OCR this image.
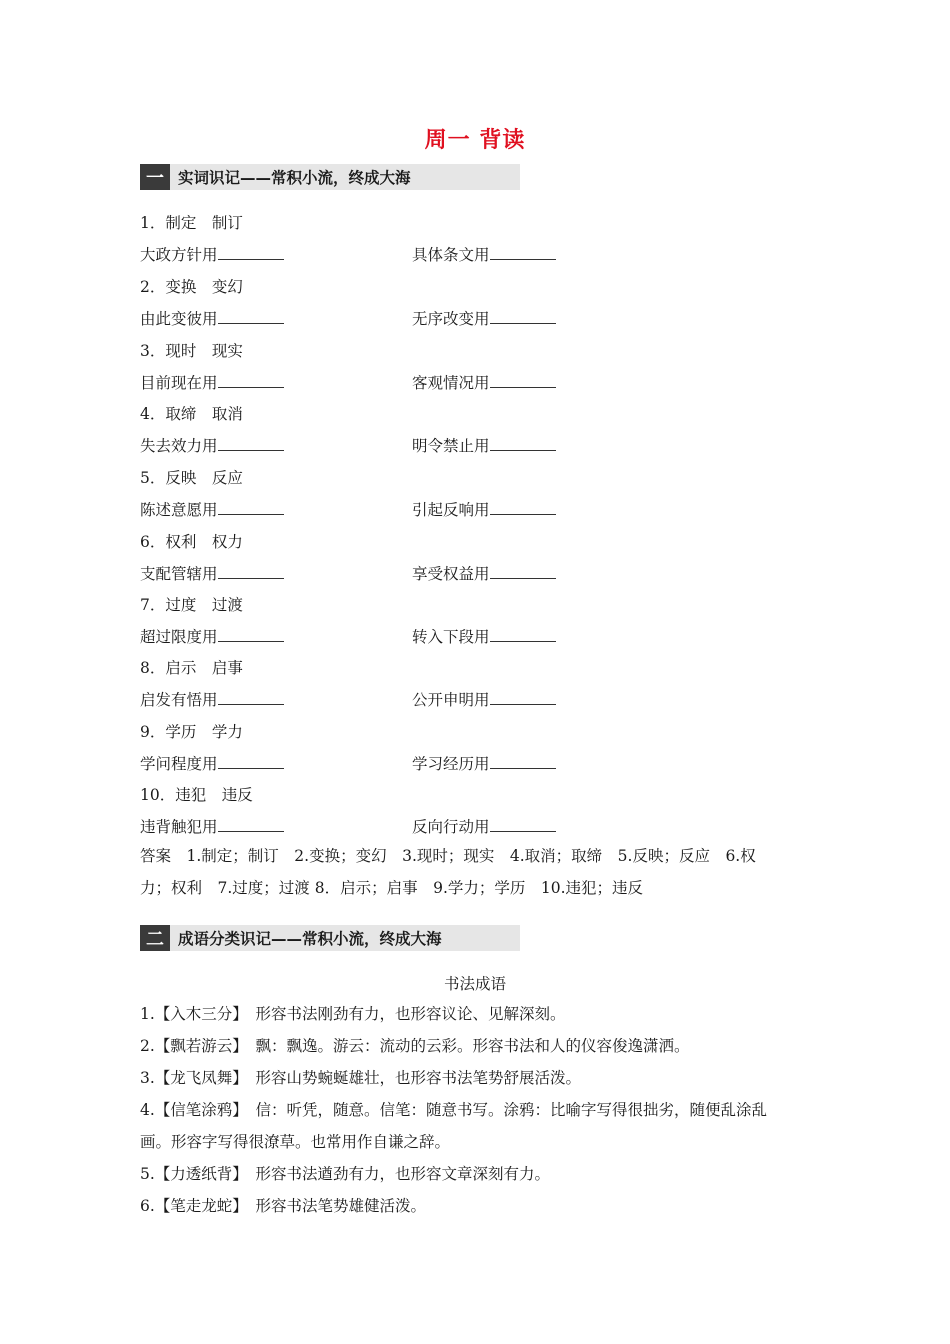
周一 背读
一 实词识记——常积小流，终成大海
1．制定　制订
大政方针用	具体条文用
2．变换　变幻
由此变彼用	无序改变用
3．现时　现实
目前现在用	客观情况用
4．取缔　取消
失去效力用	明令禁止用
5．反映　反应
陈述意愿用	引起反响用
6．权利　权力
支配管辖用	享受权益用
7．过度　过渡
超过限度用	转入下段用
8．启示　启事
启发有悟用	公开申明用
9．学历　学力
学问程度用	学习经历用
10．违犯　违反
违背触犯用	反向行动用
答案　1.制定；制订　2.变换；变幻　3.现时；现实　4.取消；取缔　5.反映；反应　6.权
力；权利　7.过度；过渡 8．启示；启事　9.学力；学历　10.违犯；违反
二 成语分类识记——常积小流，终成大海
书法成语
1.【入木三分】　形容书法刚劲有力，也形容议论、见解深刻。
2.【飘若游云】　飘：飘逸。游云：流动的云彩。形容书法和人的仪容俊逸潇洒。
3.【龙飞凤舞】　形容山势蜿蜒雄壮，也形容书法笔势舒展活泼。
4.【信笔涂鸦】　信：听凭，随意。信笔：随意书写。涂鸦：比喻字写得很拙劣，随便乱涂乱
画。形容字写得很潦草。也常用作自谦之辞。
5.【力透纸背】　形容书法遒劲有力，也形容文章深刻有力。
6.【笔走龙蛇】　形容书法笔势雄健活泼。
